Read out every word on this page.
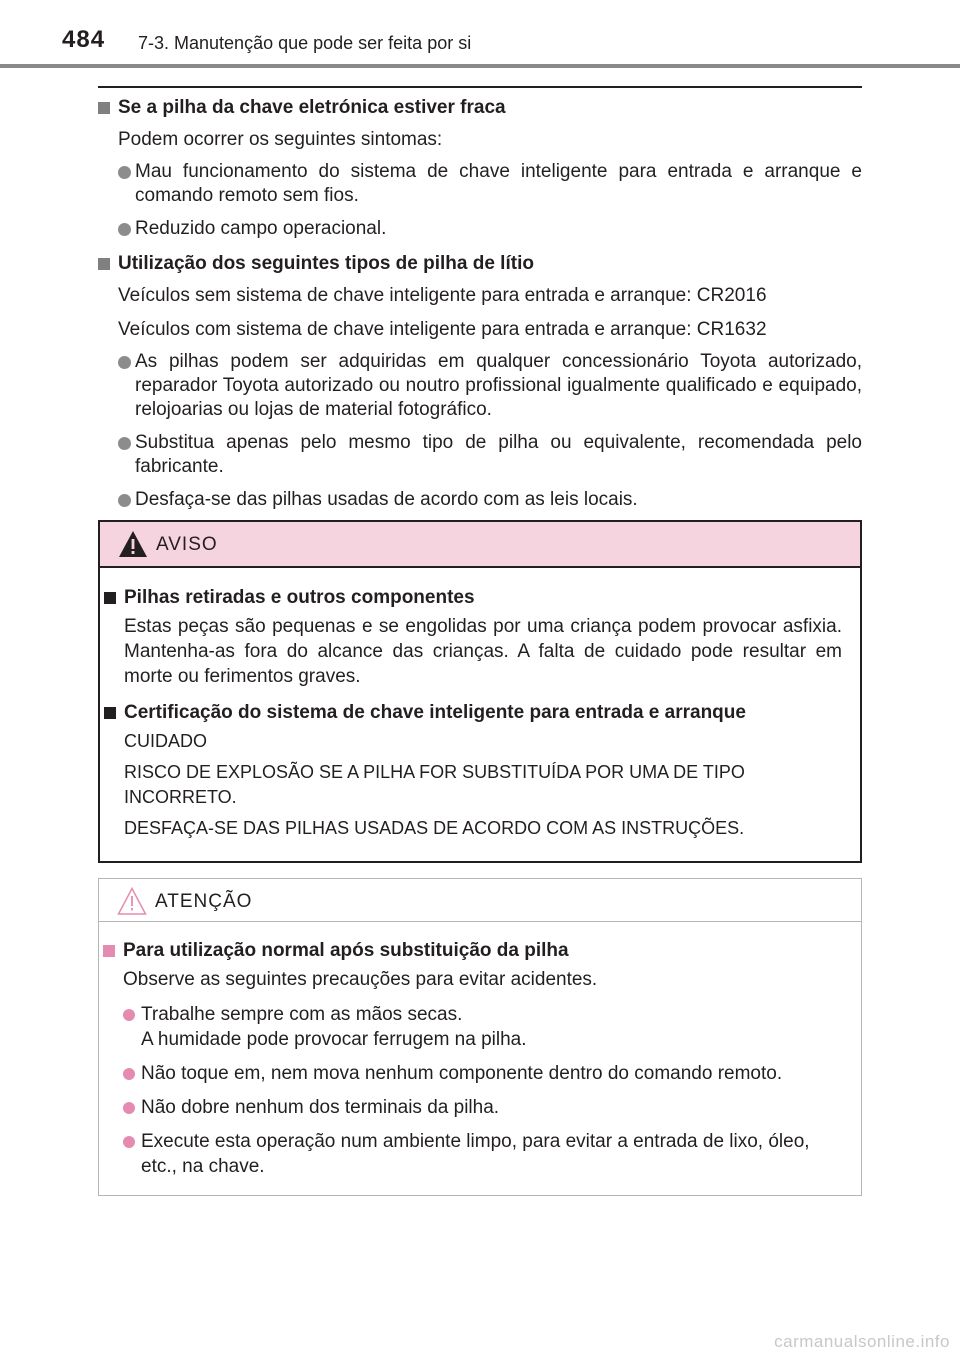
484 7-3. Manutenção que pode ser feita por si
Se a pilha da chave eletrónica estiver fraca
Podem ocorrer os seguintes sintomas:
Mau funcionamento do sistema de chave inteligente para entrada e arranque e comando remoto sem fios.
Reduzido campo operacional.
Utilização dos seguintes tipos de pilha de lítio
Veículos sem sistema de chave inteligente para entrada e arranque: CR2016
Veículos com sistema de chave inteligente para entrada e arranque: CR1632
As pilhas podem ser adquiridas em qualquer concessionário Toyota autorizado, reparador Toyota autorizado ou noutro profissional igualmente qualificado e equipado, relojoarias ou lojas de material fotográfico.
Substitua apenas pelo mesmo tipo de pilha ou equivalente, recomendada pelo fabricante.
Desfaça-se das pilhas usadas de acordo com as leis locais.
AVISO
Pilhas retiradas e outros componentes
Estas peças são pequenas e se engolidas por uma criança podem provocar asfixia. Mantenha-as fora do alcance das crianças. A falta de cuidado pode resultar em morte ou ferimentos graves.
Certificação do sistema de chave inteligente para entrada e arranque
CUIDADO
RISCO DE EXPLOSÃO SE A PILHA FOR SUBSTITUÍDA POR UMA DE TIPO INCORRETO.
DESFAÇA-SE DAS PILHAS USADAS DE ACORDO COM AS INSTRUÇÕES.
ATENÇÃO
Para utilização normal após substituição da pilha
Observe as seguintes precauções para evitar acidentes.
Trabalhe sempre com as mãos secas.
A humidade pode provocar ferrugem na pilha.
Não toque em, nem mova nenhum componente dentro do comando remoto.
Não dobre nenhum dos terminais da pilha.
Execute esta operação num ambiente limpo, para evitar a entrada de lixo, óleo, etc., na chave.
carmanualsonline.info
